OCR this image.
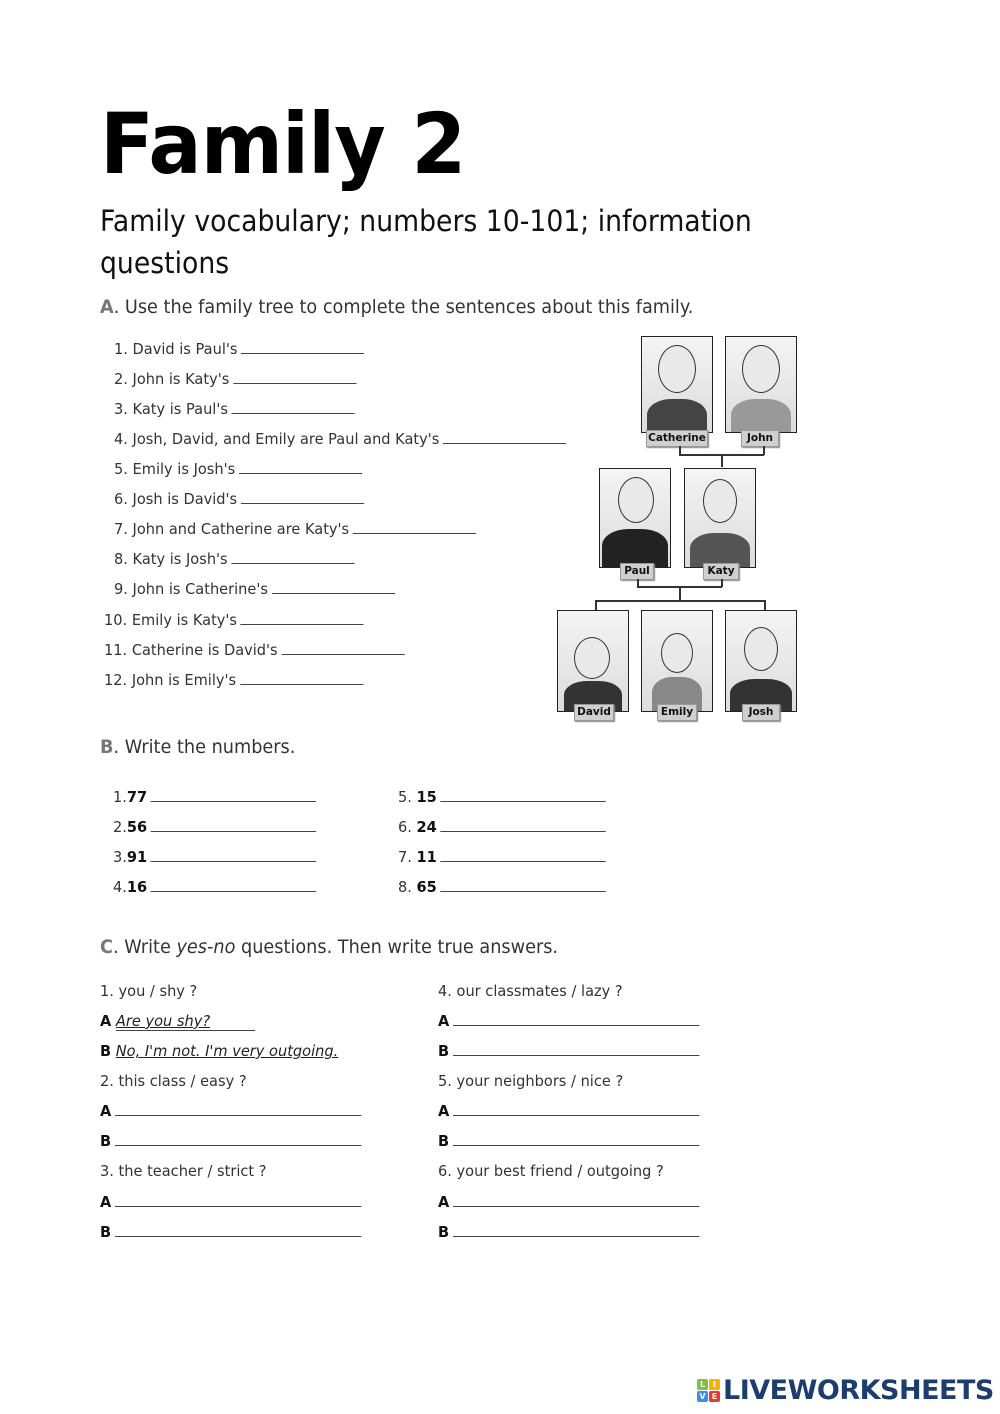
Family 2
Family vocabulary; numbers 10-101; information questions
A. Use the family tree to complete the sentences about this family.
1. David is Paul's
2. John is Katy's
3. Katy is Paul's
4. Josh, David, and Emily are Paul and Katy's
5. Emily is Josh's
6. Josh is David's
7. John and Catherine are Katy's
8. Katy is Josh's
9. John is Catherine's
10. Emily is Katy's
11. Catherine is David's
12. John is Emily's
Catherine	John
Paul	Katy
David	Emily	Josh
B. Write the numbers.
1.77
2.56
3.91
4.16
5. 15
6. 24
7. 11
8. 65
C. Write yes-no questions. Then write true answers.
1. you / shy ?
A Are you shy?
B No, I'm not. I'm very outgoing.
2. this class / easy ?
A
B
3. the teacher / strict ?
A
B
4. our classmates / lazy ?
A
B
5. your neighbors / nice ?
A
B
6. your best friend / outgoing ?
A
B
L I
V E LIVEWORKSHEETS
